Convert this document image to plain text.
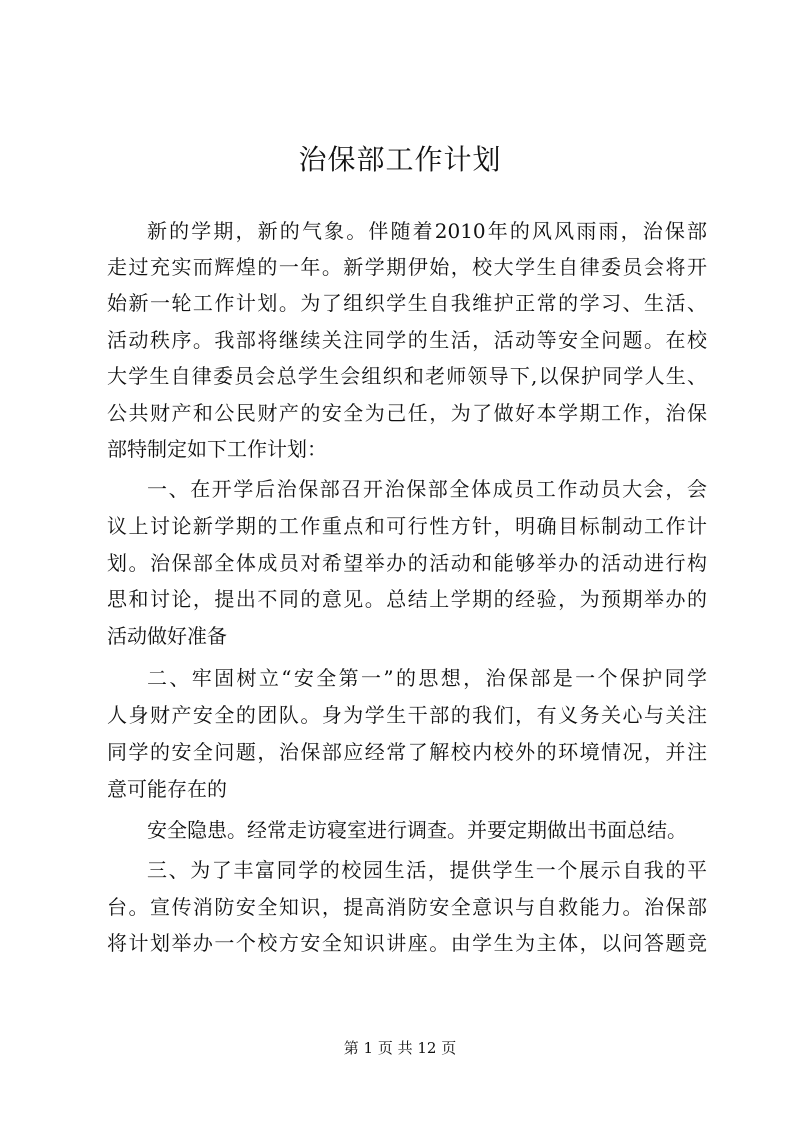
治保部工作计划
新的学期，新的气象。伴随着2010年的风风雨雨，治保部
走过充实而辉煌的一年。新学期伊始，校大学生自律委员会将开
始新一轮工作计划。为了组织学生自我维护正常的学习、生活、
活动秩序。我部将继续关注同学的生活，活动等安全问题。在校
大学生自律委员会总学生会组织和老师领导下,以保护同学人生、
公共财产和公民财产的安全为己任，为了做好本学期工作，治保
部特制定如下工作计划：
一、在开学后治保部召开治保部全体成员工作动员大会，会
议上讨论新学期的工作重点和可行性方针，明确目标制动工作计
划。治保部全体成员对希望举办的活动和能够举办的活动进行构
思和讨论，提出不同的意见。总结上学期的经验，为预期举办的
活动做好准备
二、牢固树立“安全第一”的思想，治保部是一个保护同学
人身财产安全的团队。身为学生干部的我们，有义务关心与关注
同学的安全问题，治保部应经常了解校内校外的环境情况，并注
意可能存在的
安全隐患。经常走访寝室进行调查。并要定期做出书面总结。
三、为了丰富同学的校园生活，提供学生一个展示自我的平
台。宣传消防安全知识，提高消防安全意识与自救能力。治保部
将计划举办一个校方安全知识讲座。由学生为主体，以问答题竞
第 1 页 共 12 页
